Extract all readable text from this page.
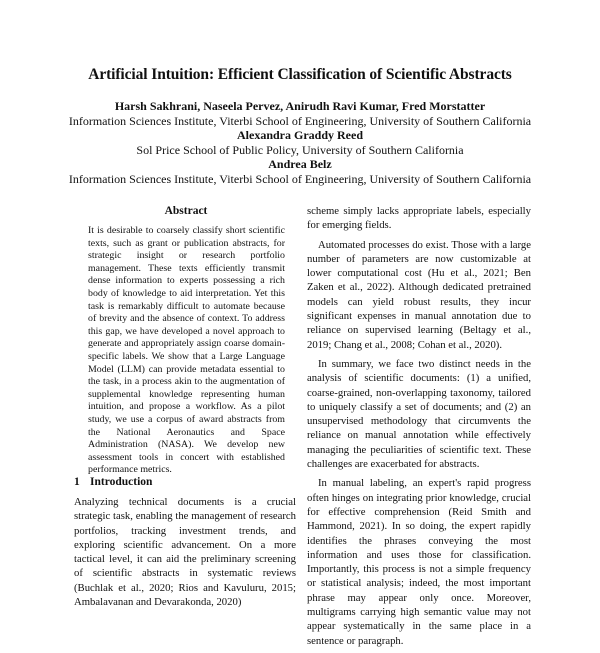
Artificial Intuition: Efficient Classification of Scientific Abstracts
Harsh Sakhrani, Naseela Pervez, Anirudh Ravi Kumar, Fred Morstatter
Information Sciences Institute, Viterbi School of Engineering, University of Southern California
Alexandra Graddy Reed
Sol Price School of Public Policy, University of Southern California
Andrea Belz
Information Sciences Institute, Viterbi School of Engineering, University of Southern California
Abstract

It is desirable to coarsely classify short scientific texts, such as grant or publication abstracts, for strategic insight or research portfolio management. These texts efficiently transmit dense information to experts possessing a rich body of knowledge to aid interpretation. Yet this task is remarkably difficult to automate because of brevity and the absence of context. To address this gap, we have developed a novel approach to generate and appropriately assign coarse domain-specific labels. We show that a Large Language Model (LLM) can provide metadata essential to the task, in a process akin to the augmentation of supplemental knowledge representing human intuition, and propose a workflow. As a pilot study, we use a corpus of award abstracts from the National Aeronautics and Space Administration (NASA). We develop new assessment tools in concert with established performance metrics.

1 Introduction

Analyzing technical documents is a crucial strategic task, enabling the management of research portfolios, tracking investment trends, and exploring scientific advancement. On a more tactical level, it can aid the preliminary screening of scientific abstracts in systematic reviews (Buchlak et al., 2020; Rios and Kavuluru, 2015; Ambalavanan and Devarakonda, 2020)

scheme simply lacks appropriate labels, especially for emerging fields.

Automated processes do exist. Those with a large number of parameters are now customizable at lower computational cost (Hu et al., 2021; Ben Zaken et al., 2022). Although dedicated pretrained models can yield robust results, they incur significant expenses in manual annotation due to reliance on supervised learning (Beltagy et al., 2019; Chang et al., 2008; Cohan et al., 2020).

In summary, we face two distinct needs in the analysis of scientific documents: (1) a unified, coarse-grained, non-overlapping taxonomy, tailored to uniquely classify a set of documents; and (2) an unsupervised methodology that circumvents the reliance on manual annotation while effectively managing the peculiarities of scientific text. These challenges are exacerbated for abstracts.

In manual labeling, an expert's rapid progress often hinges on integrating prior knowledge, crucial for effective comprehension (Reid Smith and Hammond, 2021). In so doing, the expert rapidly identifies the phrases conveying the most information and uses those for classification. Importantly, this process is not a simple frequency or statistical analysis; indeed, the most important phrase may appear only once. Moreover, multigrams carrying high semantic value may not appear systematically in the same place in a sentence or paragraph.
